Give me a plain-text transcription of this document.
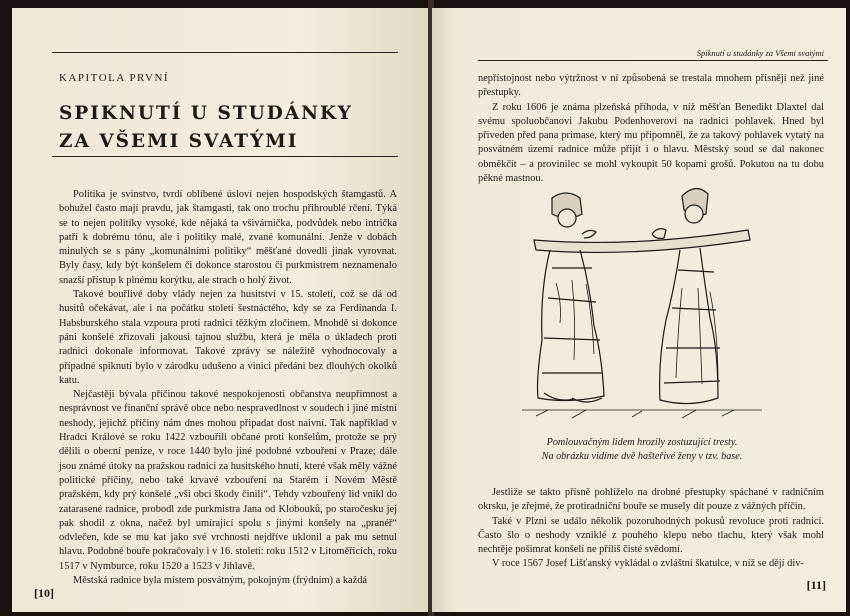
KAPITOLA PRVNÍ
SPIKNUTÍ U STUDÁNKY
ZA VŠEMI SVATÝMI

Politika je svinstvo, tvrdí oblíbené úsloví nejen hospodských štamgastů. A bohužel často mají pravdu, jak štamgasti, tak ono trochu přihroublé rčení. Týká se to nejen politiky vysoké, kde nějaká ta všivárnička, podvůdek nebo intrička patří k dobrému tónu, ale i politiky malé, zvané komunální. Jenže v dobách minulých se s pány „komunálními politiky“ měšťané dovedli jinak vyrovnat. Byly časy, kdy být konšelem či dokonce starostou či purkmistrem neznamenalo snazší přístup k plnému korýtku, ale strach o holý život.

Takové bouřlivé doby vlády nejen za husitství v 15. století, což se dá od husitů očekávat, ale i na počátku století šestnáctého, kdy se za Ferdinanda I. Habsburského stala vzpoura proti radnici těžkým zločinem. Mnohdě si dokonce páni konšelé zřizovali jakousi tajnou službu, která je měla o úkladech proti radnici dokonale informovat. Takové zprávy se náležitě vyhodnocovaly a případné spiknutí bylo v zárodku udušeno a vinici předáni bez dlouhých okolků katu.

Nejčastěji bývala příčinou takové nespokojenosti občanstva neupřímnost a nesprávnost ve finanční správě obce nebo nespravedlnost v soudech i jiné místní neshody, jejichž příčiny nám dnes mohou připadat dost naivní. Tak například v Hradci Králové se roku 1422 vzbouřili občané proti konšelům, protože se prý dělili o obecní penize, v roce 1440 bylo jiné podobné vzbouření v Praze; dále jsou známé útoky na pražskou radnici za husitského hnutí, které však měly vážné politické příčiny, nebo také krvavé vzbouření na Starém i Novém Městě pražském, kdy prý konšelé „vši obci škody činili“. Tehdy vzbouřený lid vnikl do zatarasené radnice, probodl zde purkmistra Jana od Klobouků, po staročesku jej pak shodil z okna, načež byl umírající spolu s jinými konšely na „pranéř“ odvlečen, kde se mu kat jako své vrchnosti nejdříve uklonil a pak mu setnul hlavu. Podobné bouře pokračovaly i v 16. století: roku 1512 v Litoměřicích, roku 1517 v Nymburce, roku 1520 a 1523 v Jihlavě.

Městská radnice byla místem posvátným, pokojným (frýdním) a každá

[10]
Spiknutí u studánky za Všemi svatými

nepřístojnost nebo výtržnost v ní způsobená se trestala mnohem přísněji než jiné přestupky.

Z roku 1606 je známa plzeňská příhoda, v níž měšťan Benedikt Dlaxtel dal svému spoluobčanovi Jakubu Podenhoverovi na radnici pohlavek. Hned byl přiveden před pana primase, který mu připomněl, že za takový pohlavek vytatý na posvátném území radnice může přijít i o hlavu. Městský soud se dal nakonec obměkčit – a provinilec se mohl vykoupit 50 kopami grošů. Pokutou na tu dobu pěkné mastnou.

Pomlouvačným lidem hrozily zostuzující tresty.
Na obrázku vidíme dvě hašteřivé ženy v tzv. base.

Jestliže se takto přísně pohlíželo na drobné přestupky spáchané v radničním okrsku, je zřejmé, že protiradniční bouře se musely dít pouze z vážných příčin.

Také v Plzni se událo několik pozoruhodných pokusů revoluce proti radnici. Často šlo o neshody vzniklé z pouhého klepu nebo tlachu, který však mohl nechtěje pošimrat konšelí ne příliš čisté svědomí.

V roce 1567 Josef Lišťanský vykládal o zvláštní škatulce, v níž se dějí div-

[11]
